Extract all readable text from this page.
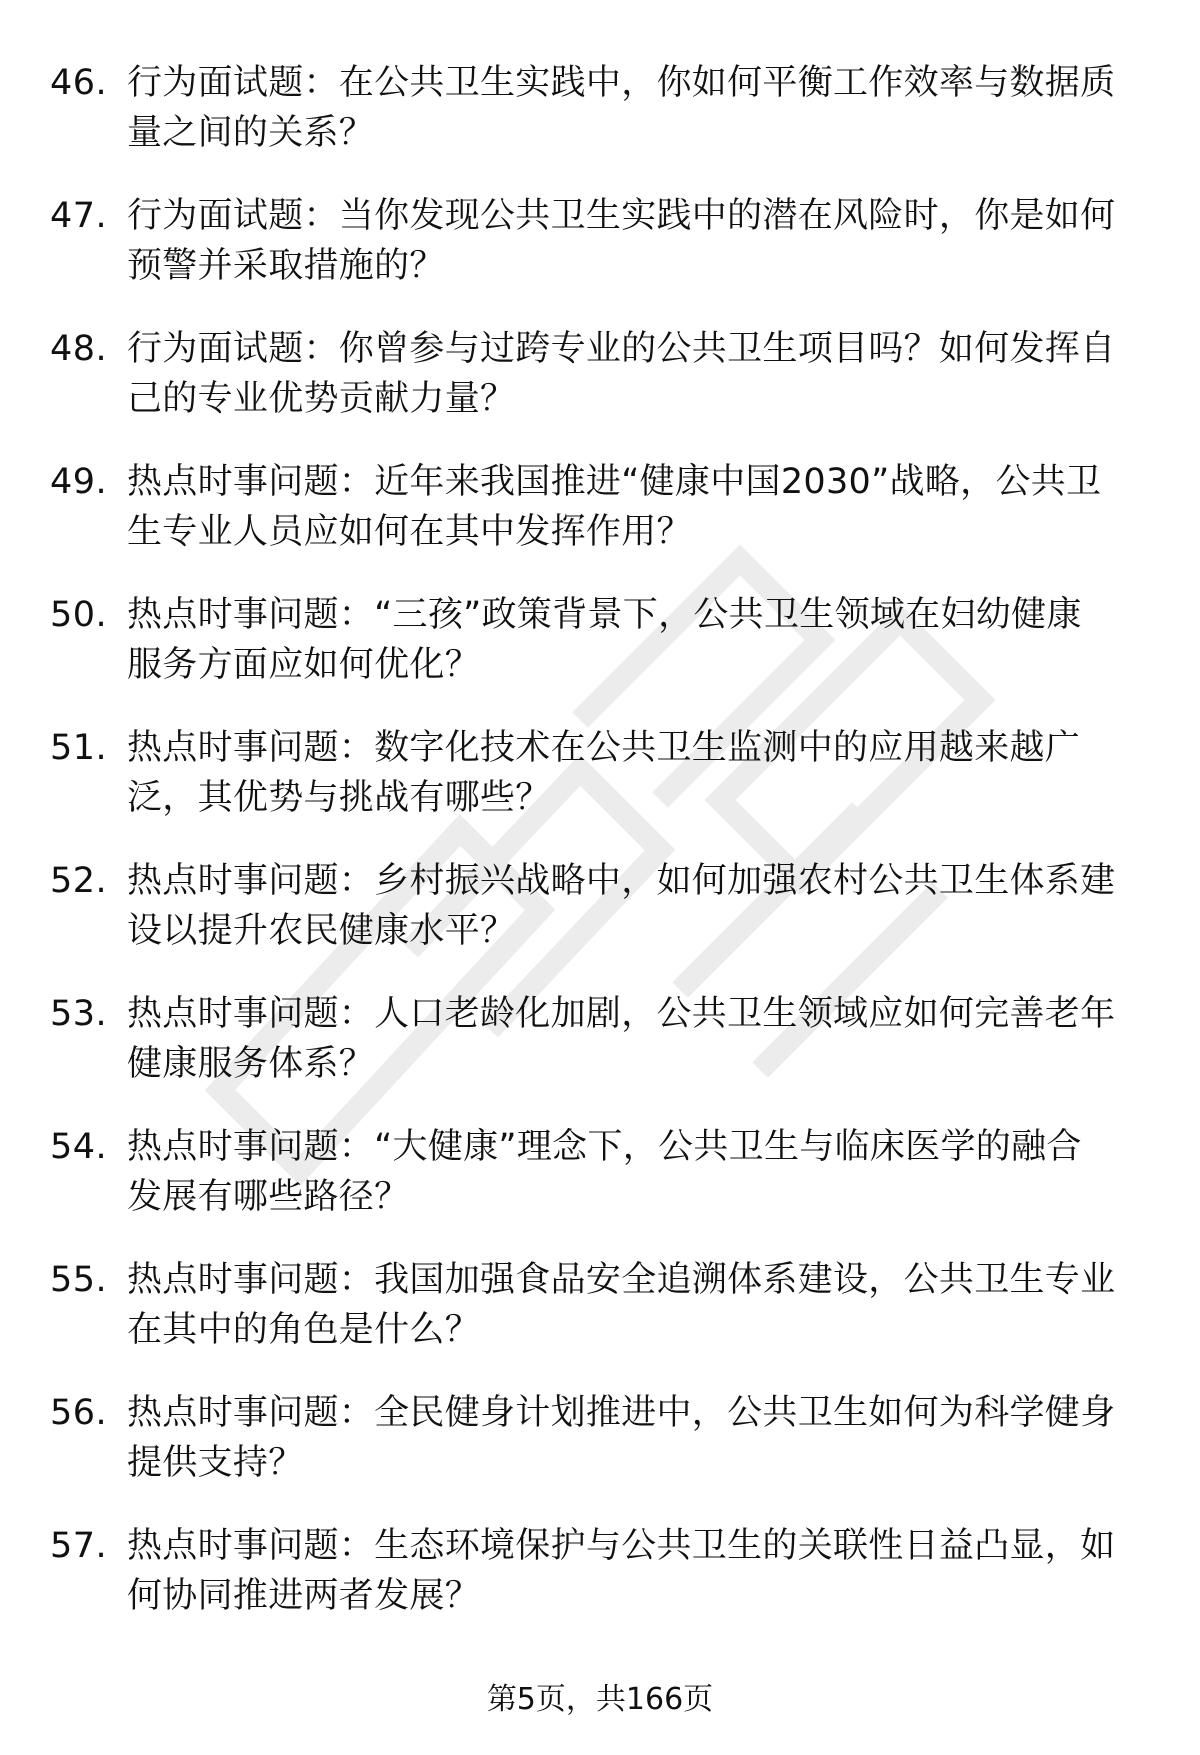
46. 行为面试题：在公共卫生实践中，你如何平衡工作效率与数据质
量之间的关系？
47. 行为面试题：当你发现公共卫生实践中的潜在风险时，你是如何
预警并采取措施的？
48. 行为面试题：你曾参与过跨专业的公共卫生项目吗？如何发挥自
己的专业优势贡献力量？
49. 热点时事问题：近年来我国推进“健康中国2030”战略，公共卫
生专业人员应如何在其中发挥作用？
50. 热点时事问题：“三孩”政策背景下，公共卫生领域在妇幼健康
服务方面应如何优化？
51. 热点时事问题：数字化技术在公共卫生监测中的应用越来越广
泛，其优势与挑战有哪些？
52. 热点时事问题：乡村振兴战略中，如何加强农村公共卫生体系建
设以提升农民健康水平？
53. 热点时事问题：人口老龄化加剧，公共卫生领域应如何完善老年
健康服务体系？
54. 热点时事问题：“大健康”理念下，公共卫生与临床医学的融合
发展有哪些路径？
55. 热点时事问题：我国加强食品安全追溯体系建设，公共卫生专业
在其中的角色是什么？
56. 热点时事问题：全民健身计划推进中，公共卫生如何为科学健身
提供支持？
57. 热点时事问题：生态环境保护与公共卫生的关联性日益凸显，如
何协同推进两者发展？
第5页，共166页
